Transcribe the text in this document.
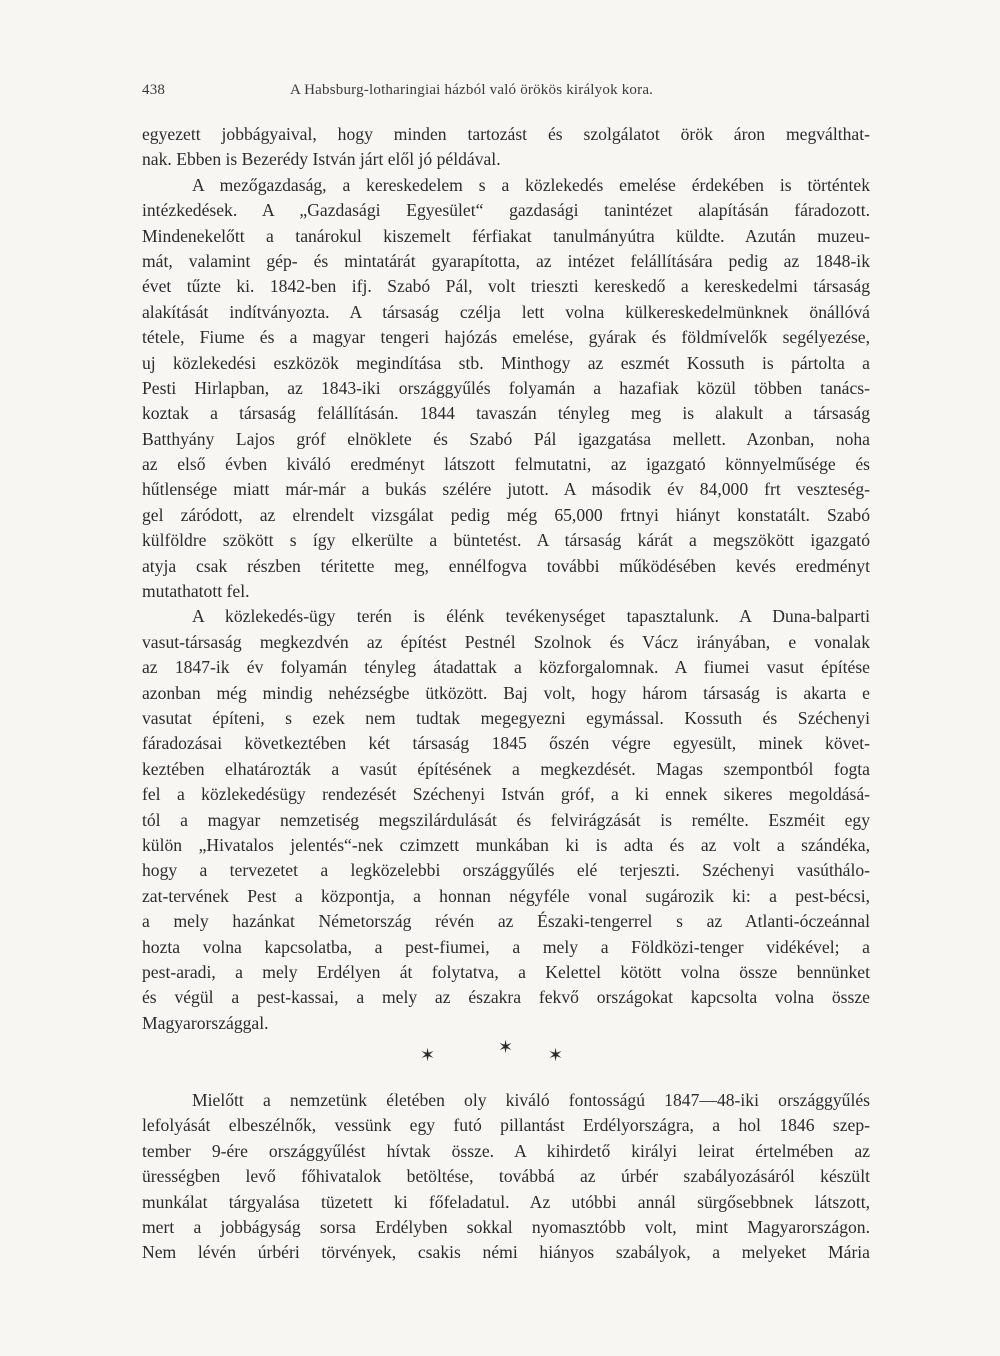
438	A Habsburg-lotharingiai házból való örökös királyok kora.
egyezett jobbágyaival, hogy minden tartozást és szolgálatot örök áron megválthat-
nak. Ebben is Bezerédy István járt elől jó példával.
A mezőgazdaság, a kereskedelem s a közlekedés emelése érdekében is történtek
intézkedések. A „Gazdasági Egyesület“ gazdasági tanintézet alapításán fáradozott.
Mindenekelőtt a tanárokul kiszemelt férfiakat tanulmányútra küldte. Azután muzeu-
mát, valamint gép- és mintatárát gyarapította, az intézet felállítására pedig az 1848-ik
évet tűzte ki. 1842-ben ifj. Szabó Pál, volt trieszti kereskedő a kereskedelmi társaság
alakítását indítványozta. A társaság czélja lett volna külkereskedelmünknek önállóvá
tétele, Fiume és a magyar tengeri hajózás emelése, gyárak és földmívelők segélyezése,
uj közlekedési eszközök megindítása stb. Minthogy az eszmét Kossuth is pártolta a
Pesti Hirlapban, az 1843-iki országgyűlés folyamán a hazafiak közül többen tanács-
koztak a társaság felállításán. 1844 tavaszán tényleg meg is alakult a társaság
Batthyány Lajos gróf elnöklete és Szabó Pál igazgatása mellett. Azonban, noha
az első évben kiváló eredményt látszott felmutatni, az igazgató könnyelműsége és
hűtlensége miatt már-már a bukás szélére jutott. A második év 84,000 frt veszteség-
gel záródott, az elrendelt vizsgálat pedig még 65,000 frtnyi hiányt konstatált. Szabó
külföldre szökött s így elkerülte a büntetést. A társaság kárát a megszökött igazgató
atyja csak részben téritette meg, ennélfogva további működésében kevés eredményt
mutathatott fel.
A közlekedés-ügy terén is élénk tevékenységet tapasztalunk. A Duna-balparti
vasut-társaság megkezdvén az építést Pestnél Szolnok és Vácz irányában, e vonalak
az 1847-ik év folyamán tényleg átadattak a közforgalomnak. A fiumei vasut építése
azonban még mindig nehézségbe ütközött. Baj volt, hogy három társaság is akarta e
vasutat építeni, s ezek nem tudtak megegyezni egymással. Kossuth és Széchenyi
fáradozásai következtében két társaság 1845 őszén végre egyesült, minek követ-
keztében elhatározták a vasút építésének a megkezdését. Magas szempontból fogta
fel a közlekedésügy rendezését Széchenyi István gróf, a ki ennek sikeres megoldásá-
tól a magyar nemzetiség megszilárdulását és felvirágzását is remélte. Eszméit egy
külön „Hivatalos jelentés“-nek czimzett munkában ki is adta és az volt a szándéka,
hogy a tervezetet a legközelebbi országgyűlés elé terjeszti. Széchenyi vasúthálo-
zat-tervének Pest a központja, a honnan négyféle vonal sugározik ki: a pest-bécsi,
a mely hazánkat Németország révén az Északi-tengerrel s az Atlanti-óczeánnal
hozta volna kapcsolatba, a pest-fiumei, a mely a Földközi-tenger vidékével; a
pest-aradi, a mely Erdélyen át folytatva, a Kelettel kötött volna össze bennünket
és végül a pest-kassai, a mely az északra fekvő országokat kapcsolta volna össze
Magyarországgal.
✶	✶ ✶
Mielőtt a nemzetünk életében oly kiváló fontosságú 1847—48-iki országgyűlés
lefolyását elbeszélnők, vessünk egy futó pillantást Erdélyországra, a hol 1846 szep-
tember 9-ére országgyűlést hívtak össze. A kihirdető királyi leirat értelmében az
ürességben levő főhivatalok betöltése, továbbá az úrbér szabályozásáról készült
munkálat tárgyalása tüzetett ki főfeladatul. Az utóbbi annál sürgősebbnek látszott,
mert a jobbágyság sorsa Erdélyben sokkal nyomasztóbb volt, mint Magyarországon.
Nem lévén úrbéri törvények, csakis némi hiányos szabályok, a melyeket Mária
